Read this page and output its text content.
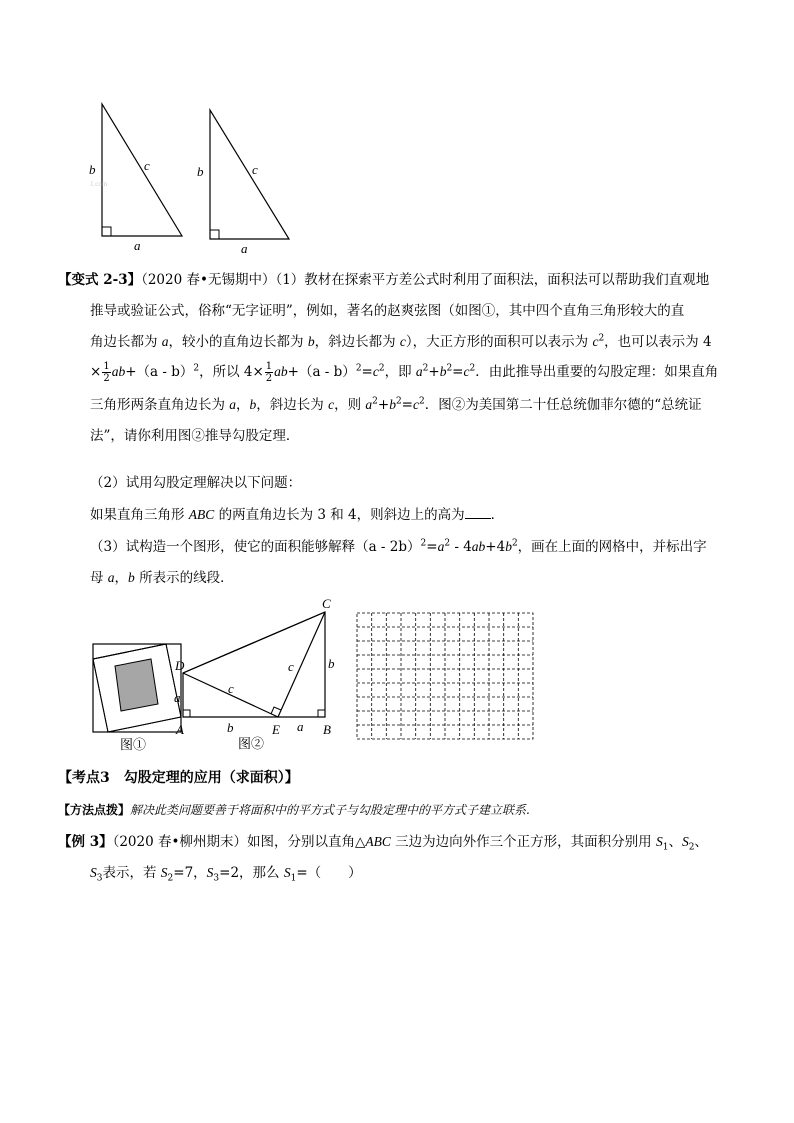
b	c
a
1.com
b	c
a
【变式 2-3】（2020 春•无锡期中）（1）教材在探索平方差公式时利用了面积法，面积法可以帮助我们直观地
推导或验证公式，俗称“无字证明”，例如，著名的赵爽弦图（如图①，其中四个直角三角形较大的直
角边长都为 a，较小的直角边长都为 b，斜边长都为 c），大正方形的面积可以表示为 $c^2$，也可以表示为 4
× $\frac{1}{2} ab+(a - b)^2$，所以 $4\times \frac{1}{2} ab+(a - b)^2=c^2$，即 $a^2+b^2=c^2$．由此推导出重要的勾股定理：如果直角
三角形两条直角边长为 a，b，斜边长为 c，则 $a^2+b^2=c^2$．图②为美国第二十任总统伽菲尔德的“总统证
法”，请你利用图②推导勾股定理．
（2）试用勾股定理解决以下问题：
如果直角三角形 ABC 的两直角边长为 3 和 4，则斜边上的高为 ．
（3）试构造一个图形，使它的面积能够解释$(a - 2b)^2=a^2 - 4ab+4b^2$，画在上面的网格中，并标出字
母 a，b 所表示的线段．
图①
C
D
A	E	B
a
a
b
b
c
c
图②
【考点3　勾股定理的应用（求面积）】
【方法点拨】解决此类问题要善于将面积中的平方式子与勾股定理中的平方式子建立联系.
【例 3】（2020 春•柳州期末）如图，分别以直角△ABC 三边为边向外作三个正方形，其面积分别用 $S_1$、$S_2$、
$S_3$表示，若 $S_2=7$，$S_3=2$，那么 $S_1=$（　　）
